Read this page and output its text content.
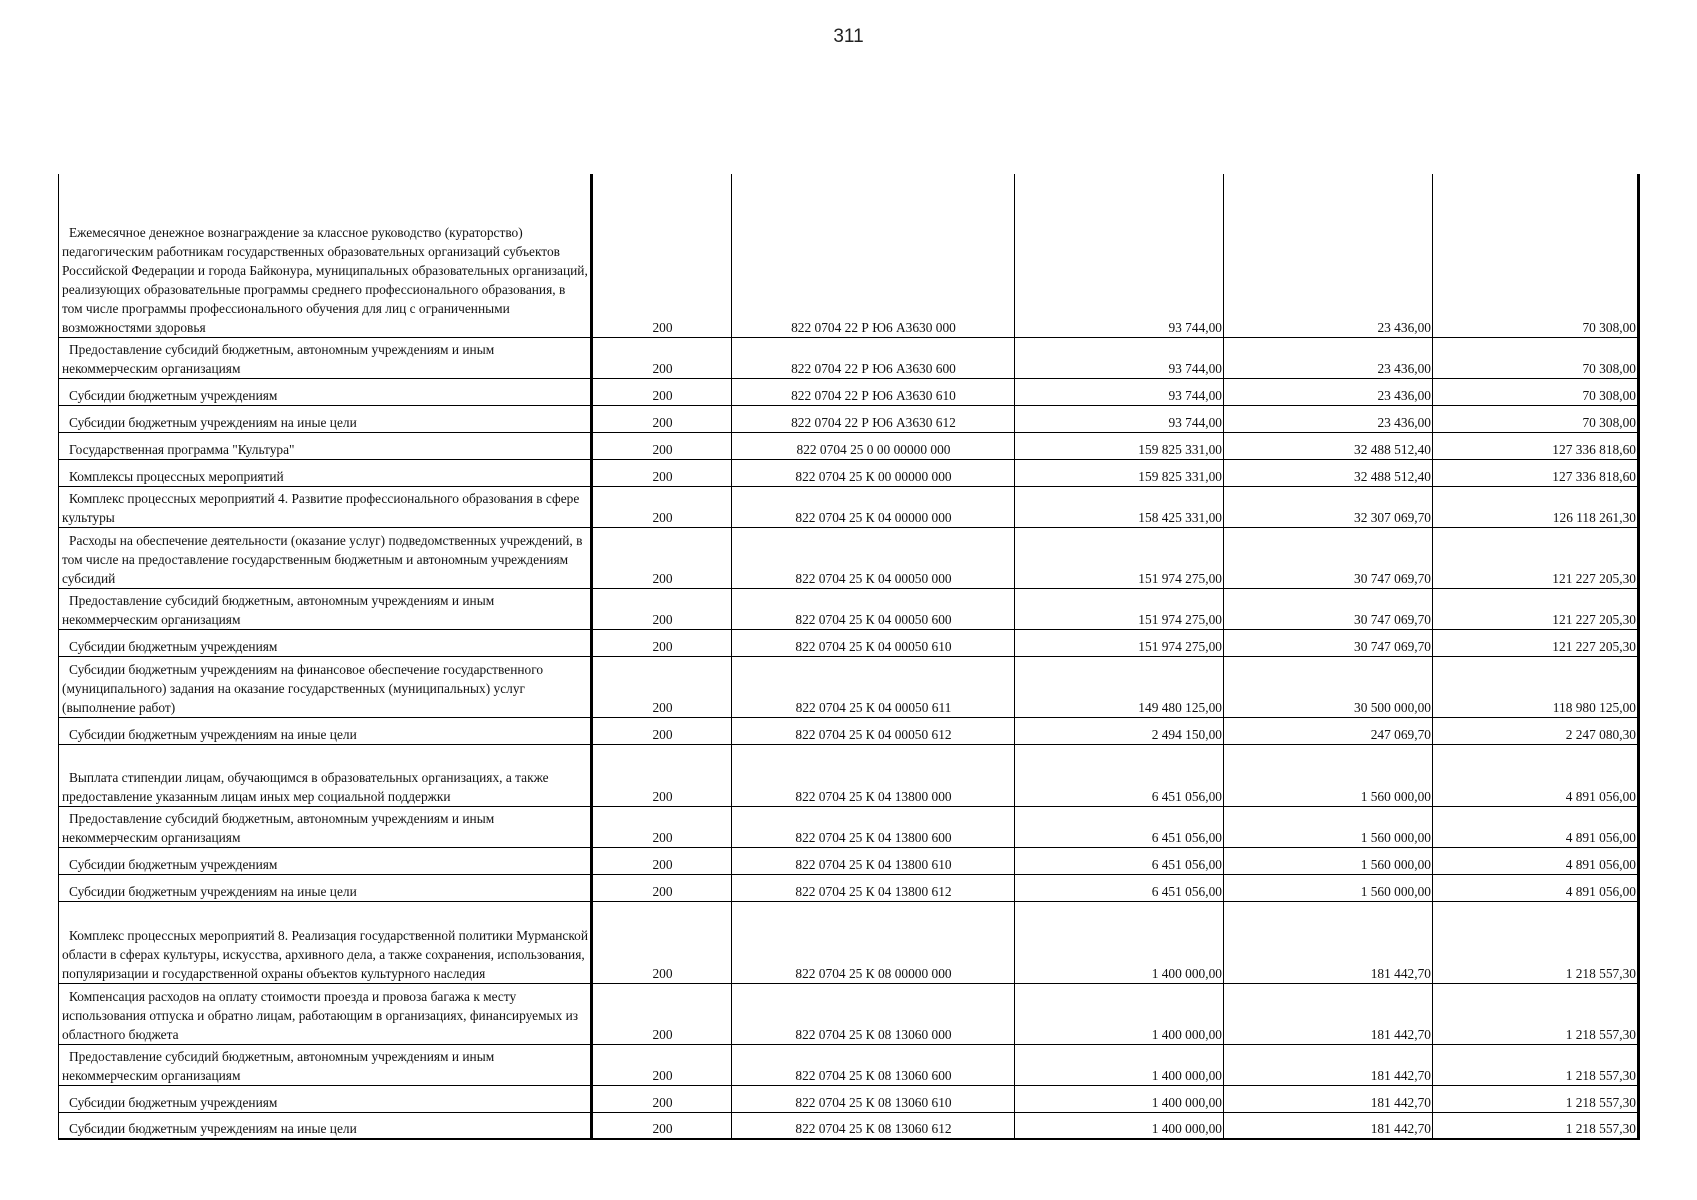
311
Ежемесячное денежное вознаграждение за классное руководство (кураторство) педагогическим работникам государственных образовательных организаций субъектов Российской Федерации и города Байконура, муниципальных образовательных организаций, реализующих образовательные программы среднего профессионального образования, в том числе программы профессионального обучения для лиц с ограниченными возможностями здоровья	200	822 0704 22 Р Ю6 А3630 000	93 744,00	23 436,00	70 308,00
Предоставление субсидий бюджетным, автономным учреждениям и иным некоммерческим организациям	200	822 0704 22 Р Ю6 А3630 600	93 744,00	23 436,00	70 308,00
Субсидии бюджетным учреждениям	200	822 0704 22 Р Ю6 А3630 610	93 744,00	23 436,00	70 308,00
Субсидии бюджетным учреждениям на иные цели	200	822 0704 22 Р Ю6 А3630 612	93 744,00	23 436,00	70 308,00
Государственная программа "Культура"	200	822 0704 25 0 00 00000 000	159 825 331,00	32 488 512,40	127 336 818,60
Комплексы процессных мероприятий	200	822 0704 25 К 00 00000 000	159 825 331,00	32 488 512,40	127 336 818,60
Комплекс процессных мероприятий 4. Развитие профессионального образования в сфере культуры	200	822 0704 25 К 04 00000 000	158 425 331,00	32 307 069,70	126 118 261,30
Расходы на обеспечение деятельности (оказание услуг) подведомственных учреждений, в том числе на предоставление государственным бюджетным и автономным учреждениям субсидий	200	822 0704 25 К 04 00050 000	151 974 275,00	30 747 069,70	121 227 205,30
Предоставление субсидий бюджетным, автономным учреждениям и иным некоммерческим организациям	200	822 0704 25 К 04 00050 600	151 974 275,00	30 747 069,70	121 227 205,30
Субсидии бюджетным учреждениям	200	822 0704 25 К 04 00050 610	151 974 275,00	30 747 069,70	121 227 205,30
Субсидии бюджетным учреждениям на финансовое обеспечение государственного (муниципального) задания на оказание государственных (муниципальных) услуг (выполнение работ)	200	822 0704 25 К 04 00050 611	149 480 125,00	30 500 000,00	118 980 125,00
Субсидии бюджетным учреждениям на иные цели	200	822 0704 25 К 04 00050 612	2 494 150,00	247 069,70	2 247 080,30
Выплата стипендии лицам, обучающимся в образовательных организациях, а также предоставление указанным лицам иных мер социальной поддержки	200	822 0704 25 К 04 13800 000	6 451 056,00	1 560 000,00	4 891 056,00
Предоставление субсидий бюджетным, автономным учреждениям и иным некоммерческим организациям	200	822 0704 25 К 04 13800 600	6 451 056,00	1 560 000,00	4 891 056,00
Субсидии бюджетным учреждениям	200	822 0704 25 К 04 13800 610	6 451 056,00	1 560 000,00	4 891 056,00
Субсидии бюджетным учреждениям на иные цели	200	822 0704 25 К 04 13800 612	6 451 056,00	1 560 000,00	4 891 056,00
Комплекс процессных мероприятий 8. Реализация государственной политики Мурманской области в сферах культуры, искусства, архивного дела, а также сохранения, использования, популяризации и государственной охраны объектов культурного наследия	200	822 0704 25 К 08 00000 000	1 400 000,00	181 442,70	1 218 557,30
Компенсация расходов на оплату стоимости проезда и провоза багажа к месту использования отпуска и обратно лицам, работающим в организациях, финансируемых из областного бюджета	200	822 0704 25 К 08 13060 000	1 400 000,00	181 442,70	1 218 557,30
Предоставление субсидий бюджетным, автономным учреждениям и иным некоммерческим организациям	200	822 0704 25 К 08 13060 600	1 400 000,00	181 442,70	1 218 557,30
Субсидии бюджетным учреждениям	200	822 0704 25 К 08 13060 610	1 400 000,00	181 442,70	1 218 557,30
Субсидии бюджетным учреждениям на иные цели	200	822 0704 25 К 08 13060 612	1 400 000,00	181 442,70	1 218 557,30
